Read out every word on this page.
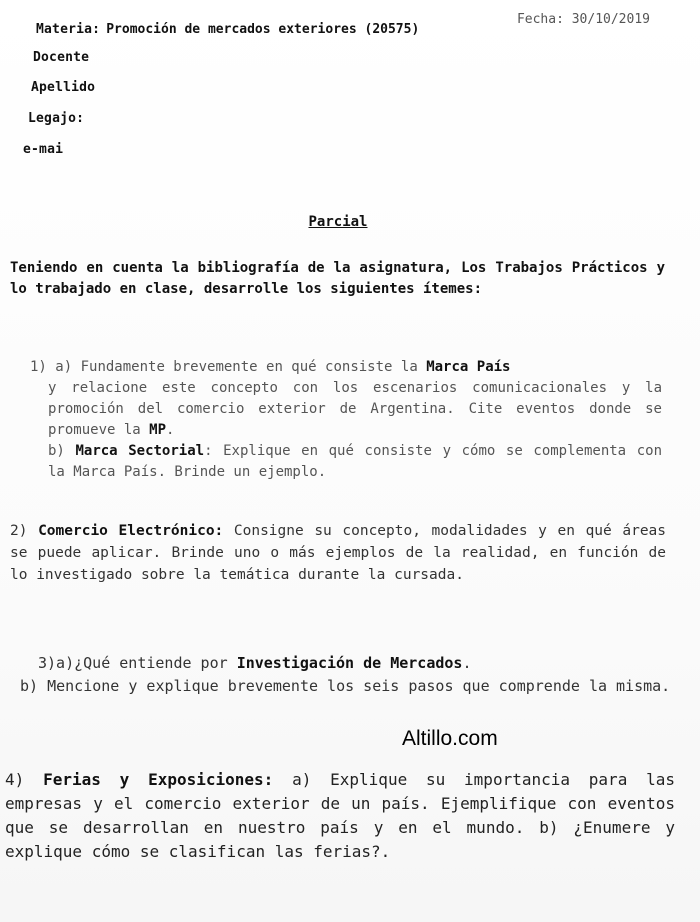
Fecha: 30/10/2019
Materia: Promoción de mercados exteriores (20575)
Docente
Apellido
Legajo:
e-mai
Parcial
Teniendo en cuenta la bibliografía de la asignatura, Los Trabajos Prácticos y lo trabajado en clase, desarrolle los siguientes ítemes:

1) a) Fundamente brevemente en qué consiste la Marca País

y relacione este concepto con los escenarios comunicacionales y la promoción del comercio exterior de Argentina. Cite eventos donde se promueve la MP.

b) Marca Sectorial: Explique en qué consiste y cómo se complementa con la Marca País. Brinde un ejemplo.

2) Comercio Electrónico: Consigne su concepto, modalidades y en qué áreas se puede aplicar. Brinde uno o más ejemplos de la realidad, en función de lo investigado sobre la temática durante la cursada.
3)a)¿Qué entiende por Investigación de Mercados.
b) Mencione y explique brevemente los seis pasos que comprende la misma.
Altillo.com
4) Ferias y Exposiciones: a) Explique su importancia para las empresas y el comercio exterior de un país. Ejemplifique con eventos que se desarrollan en nuestro país y en el mundo. b) ¿Enumere y explique cómo se clasifican las ferias?.
